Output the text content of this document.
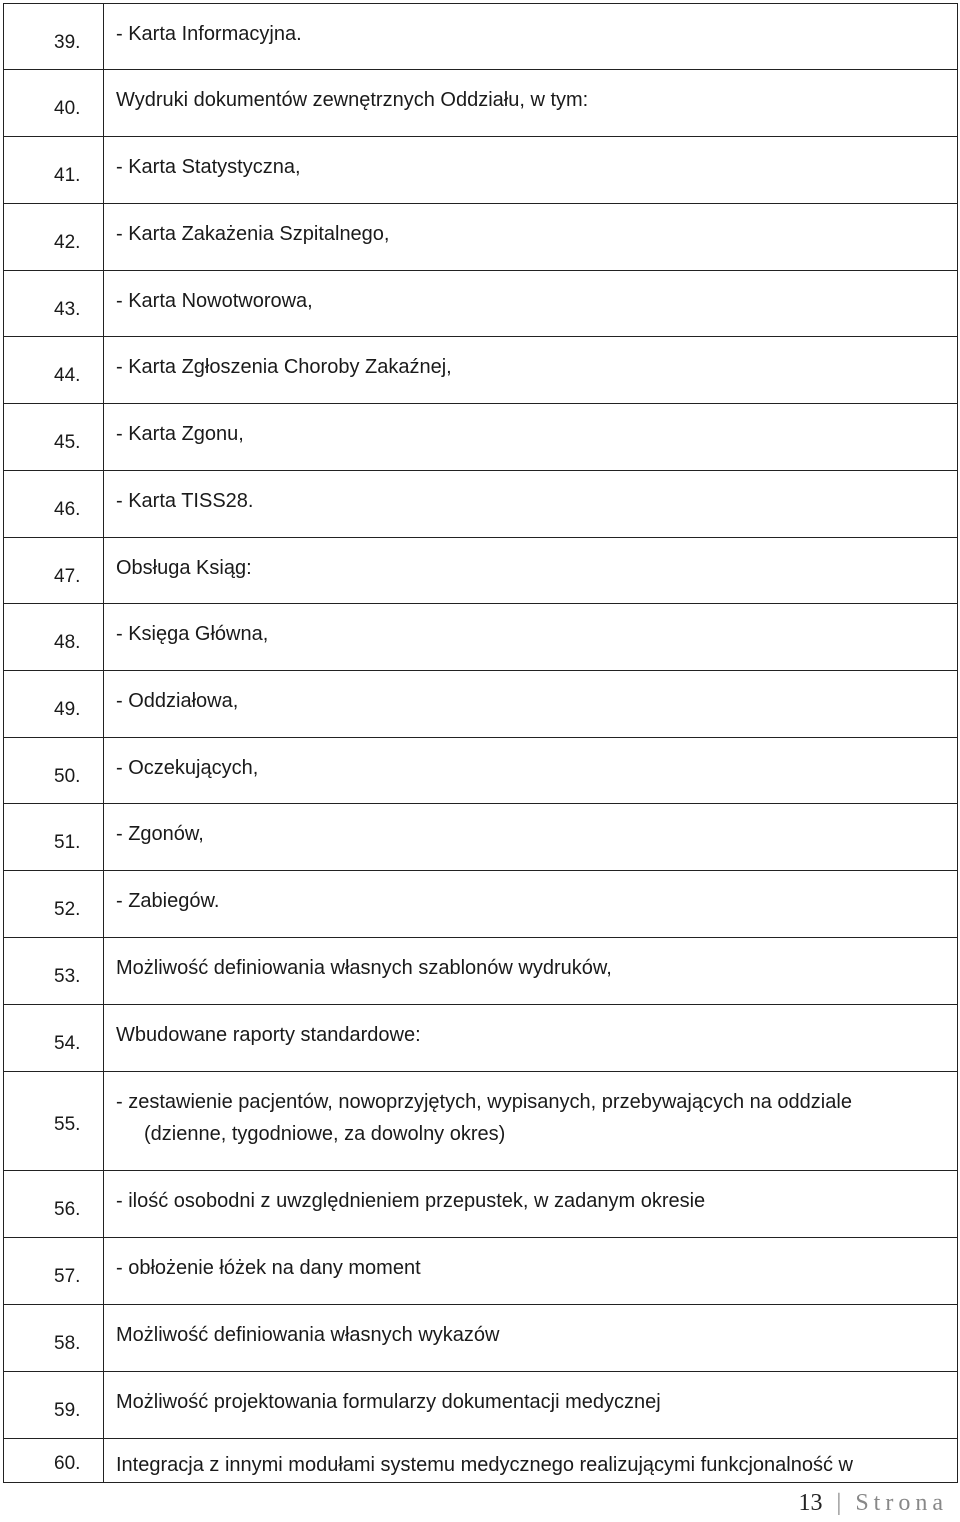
39.	- Karta Informacyjna.

40.	Wydruki dokumentów zewnętrznych Oddziału, w tym:

41.	- Karta Statystyczna,

42.	- Karta Zakażenia Szpitalnego,

43.	- Karta Nowotworowa,

44.	- Karta Zgłoszenia Choroby Zakaźnej,

45.	- Karta Zgonu,

46.	- Karta TISS28.

47.	Obsługa Ksiąg:

48.	- Księga Główna,

49.	- Oddziałowa,

50.	- Oczekujących,

51.	- Zgonów,

52.	- Zabiegów.

53.	Możliwość definiowania własnych szablonów wydruków,

54.	Wbudowane raporty standardowe:

55.	- zestawienie pacjentów, nowoprzyjętych, wypisanych, przebywających na oddziale
(dzienne, tygodniowe, za dowolny okres)

56.	- ilość osobodni z uwzględnieniem przepustek, w zadanym okresie

57.	- obłożenie łóżek na dany moment

58.	Możliwość definiowania własnych wykazów

59.	Możliwość projektowania formularzy dokumentacji medycznej

60.	Integracja z innymi modułami systemu medycznego realizującymi funkcjonalność w
13 | Strona
